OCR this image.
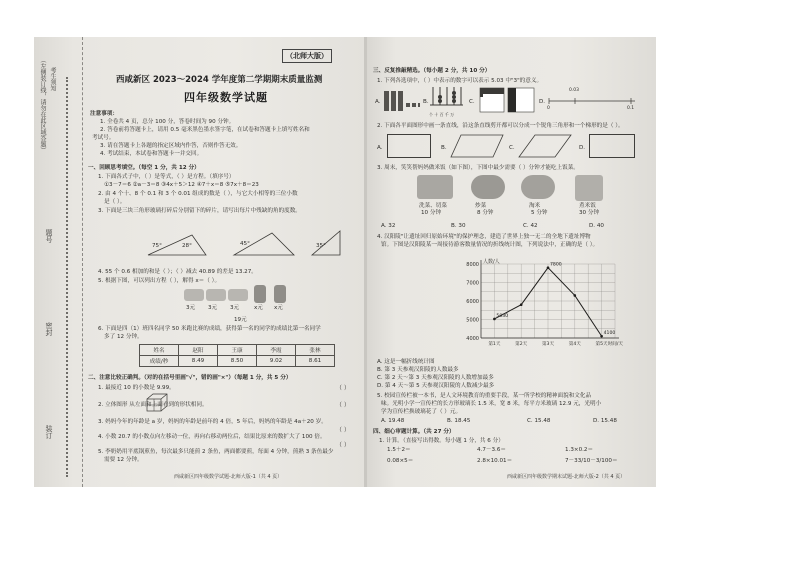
（左侧装订线，请勿在此区域答题） 考生须知
题号
密封
装订
（北师大版）
西咸新区 2023～2024 学年度第二学期期末质量监测
四年级数学试题
注意事项：
1. 全卷共 4 页，总分 100 分，答卷时间为 90 分钟。
2. 答卷前将答题卡上，请用 0.5 毫米黑色墨水签字笔，在试卷和答题卡上填写姓名和
考试号。
3. 请在答题卡上各题的指定区域内作答，否则作答无效。
4. 考试结束，本试卷和答题卡一并交回。
一、回顾思考填空。（每空 1 分，共 12 分）
1. 下面各式子中，（ ）是等式，（ ）是方程。（填序号）
①3－7＝6 ②a－3＝8 ③4x＋5＞12 ④7＋x＝8 ⑤7x＋8＝23
2. 由 4 个十、8 个 0.1 和 3 个 0.01 组成的数是（ ），与它大小相等的三位小数
是（ ）。
3. 下面是三块三角形玻璃打碎后分别留下的碎片，请写出每片中残缺的角的度数。
75°	28°	45°	35°
4. 55 个 0.6 相加的和是（ ）；（ ）减去 40.89 的差是 13.27。
5. 根据下图，可以列出方程（ ），解得 x＝（ ）。
3元 3元 3元	x元 x元
19元
6. 下面是四（1）班四名同学 50 米跑比赛的成绩，获得第一名的同学的成绩比第一名同学
多了 12 分钟。
姓名	赵阳	王康	李霞	张林
成绩/秒	8.49	8.50	9.02	8.61
二、注意比较正确判。（对的在括号里画"√"，错的画"×"）（每题 1 分，共 5 分）
1. 最接近 10 的小数是 9.99。	（ ）
2. 立体图形 从左面和上面看到的形状相同。	（ ）
3. 妈妈今年的年龄是 a 岁，妈妈的年龄是前年的 4 倍，5 年后，妈妈的年龄是 4a＋20 岁。
（ ）
4. 小数 20.7 的小数点向左移动一位，再向右移动两位后，结果比原来的数扩大了 100 倍。
（ ）
5. 李奶奶用平底锅煎鱼，每次最多只能煎 2 条鱼，两面都要煎，每面 4 分钟，煎熟 3 条鱼最少
需要 12 分钟。
西咸新区四年级数学试题-北师大版-1（共 4 页）
三、反复推敲精选。（每小题 2 分，共 10 分）
1. 下列各选项中，（ ）中表示的数字可以表示 5.03 中"3"的意义。
A.	B.
个 十 百 千 万
C.	D.
0
0.03
0.1
2. 下面各平面图形中画一条直线，沿这条直线剪开都可以分成一个锐角三角形和一个梯形的是（ ）。
A.	B.	C.	D.
3. 周末，笑笑帮妈妈做米饭（如下图），下图中最少需要（ ）分钟才能吃上饭菜。
洗菜、切菜	炒菜	淘米	煮米饭
10 分钟	8 分钟	5 分钟	30 分钟
A. 32	B. 30	C. 42	D. 40
4. 汉阳陵"让遗址回归原始环境"的保护理念，建造了世界上独一无二的全地下遗址博物
馆。下图是汉阳陵某一周接待游客数量情况的折线统计图，下列说法中，正确的是（ ）。
4000
5000
6000
7000
8000 人数/人
第1天	第2天	第3天	第4天	第5天 时间/天
5030
7800
4100
A. 这是一幅折线统计图
B. 第 3 天参观汉阳陵的人数最多
C. 第 2 天～第 3 天参观汉阳陵的人数增加最多
D. 第 4 天～第 5 天参观汉阳陵的人数减少最多
5. 校园宣传栏被一本书，是人文环境教育的重要手段，某一所学校的精神面貌和文化品
味。光明小学一宣传栏的长方形玻璃长 1.5 米，宽 8 米，每平方米玻璃 12.9 元，光明小
学为宣传栏换玻璃花了（ ）元。
A. 19.48	B. 18.45	C. 15.48	D. 15.48
四、细心审题计算。（共 27 分）
1. 计算。（直接写出得数。每小题 1 分，共 6 分）
1.5＋2＝	4.7－3.6＝	1.3×0.2＝
0.08×5＝	2.8×10.01＝	7－33/10－3/100＝
西咸新区四年级数学期末试题-北师大版-2（共 4 页）
